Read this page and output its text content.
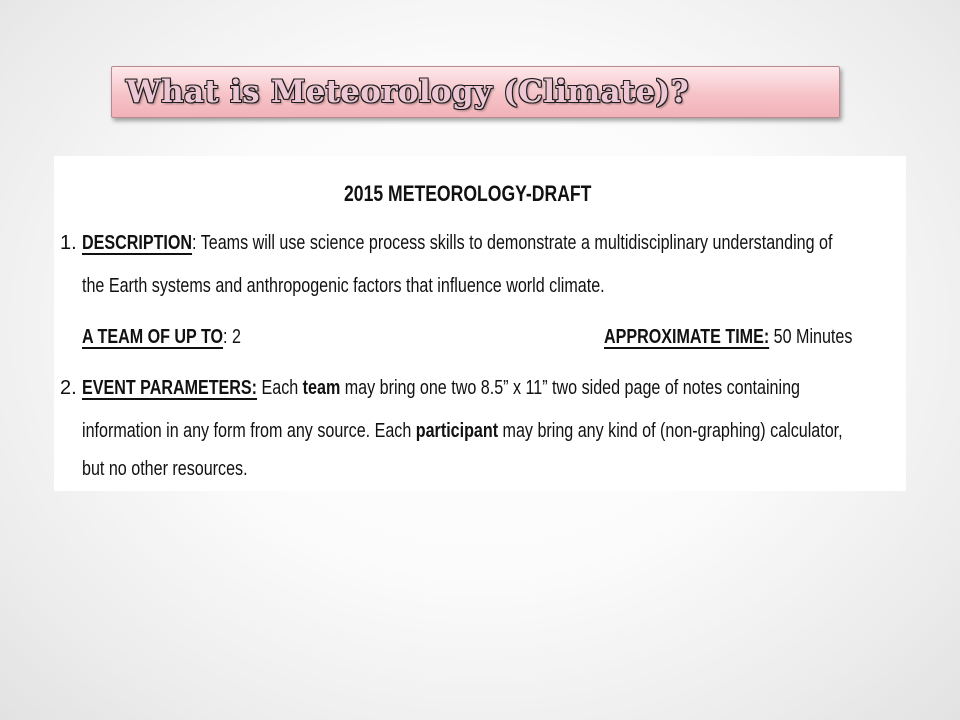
What is Meteorology (Climate)?
2015 METEOROLOGY-DRAFT
1. DESCRIPTION: Teams will use science process skills to demonstrate a multidisciplinary understanding of
the Earth systems and anthropogenic factors that influence world climate.
A TEAM OF UP TO: 2	APPROXIMATE TIME: 50 Minutes
2. EVENT PARAMETERS: Each team may bring one two 8.5” x 11” two sided page of notes containing
information in any form from any source. Each participant may bring any kind of (non-graphing) calculator,
but no other resources.
